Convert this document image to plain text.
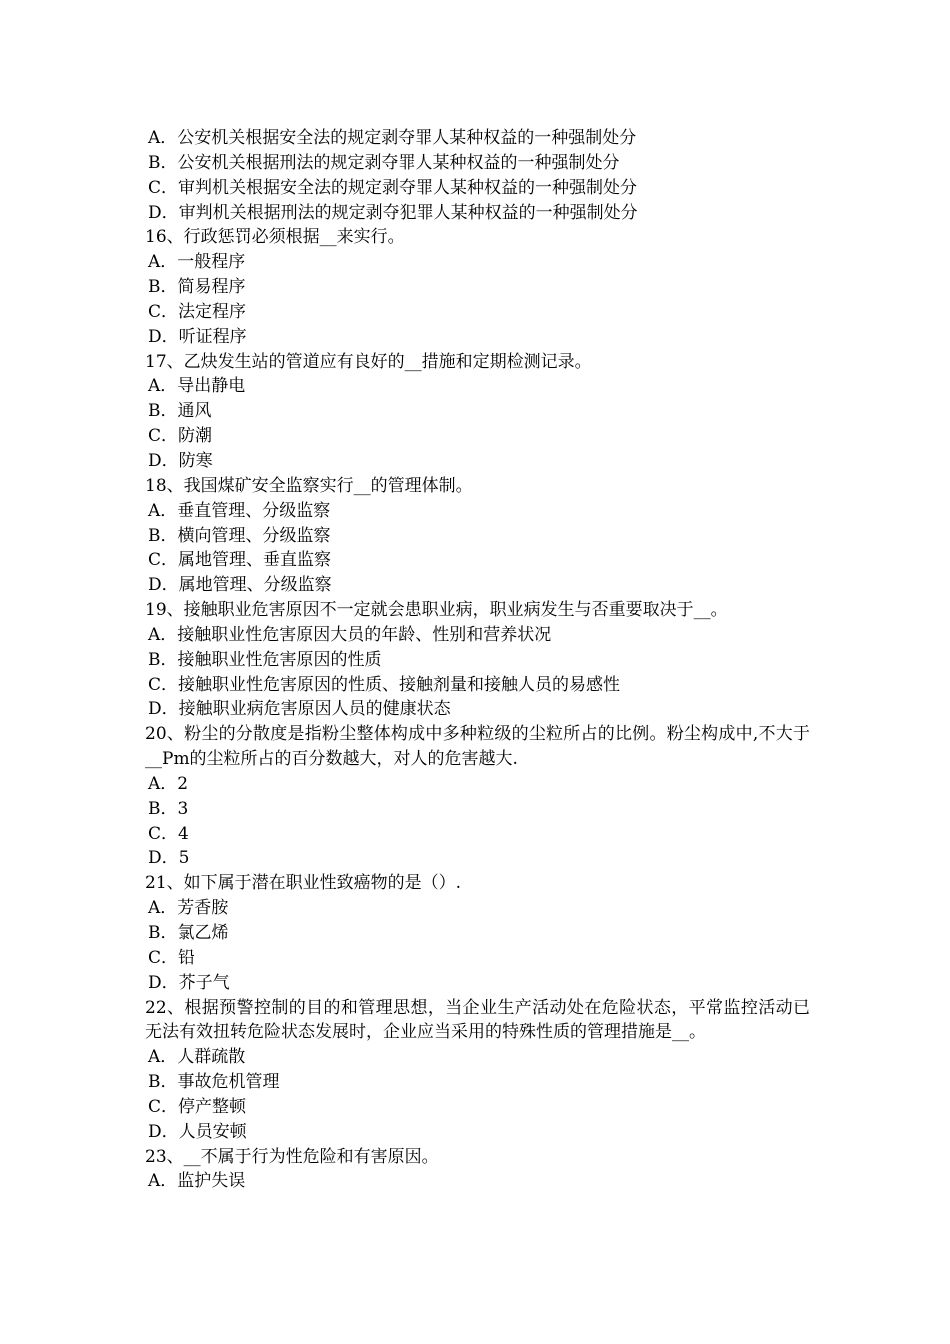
A．公安机关根据安全法的规定剥夺罪人某种权益的一种强制处分

B．公安机关根据刑法的规定剥夺罪人某种权益的一种强制处分

C．审判机关根据安全法的规定剥夺罪人某种权益的一种强制处分

D．审判机关根据刑法的规定剥夺犯罪人某种权益的一种强制处分

16、行政惩罚必须根据__来实行。

A．一般程序

B．简易程序

C．法定程序

D．听证程序

17、乙炔发生站的管道应有良好的__措施和定期检测记录。

A．导出静电

B．通风

C．防潮

D．防寒

18、我国煤矿安全监察实行__的管理体制。

A．垂直管理、分级监察

B．横向管理、分级监察

C．属地管理、垂直监察

D．属地管理、分级监察

19、接触职业危害原因不一定就会患职业病，职业病发生与否重要取决于__。

A．接触职业性危害原因大员的年龄、性别和营养状况

B．接触职业性危害原因的性质

C．接触职业性危害原因的性质、接触剂量和接触人员的易感性

D．接触职业病危害原因人员的健康状态

20、粉尘的分散度是指粉尘整体构成中多种粒级的尘粒所占的比例。粉尘构成中,不大于__Pm的尘粒所占的百分数越大，对人的危害越大.

A．2

B．3

C．4

D．5

21、如下属于潜在职业性致癌物的是（）.

A．芳香胺

B．氯乙烯

C．铅

D．芥子气

22、根据预警控制的目的和管理思想，当企业生产活动处在危险状态，平常监控活动已无法有效扭转危险状态发展时，企业应当采用的特殊性质的管理措施是__。

A．人群疏散

B．事故危机管理

C．停产整顿

D．人员安顿

23、__不属于行为性危险和有害原因。

A．监护失误
